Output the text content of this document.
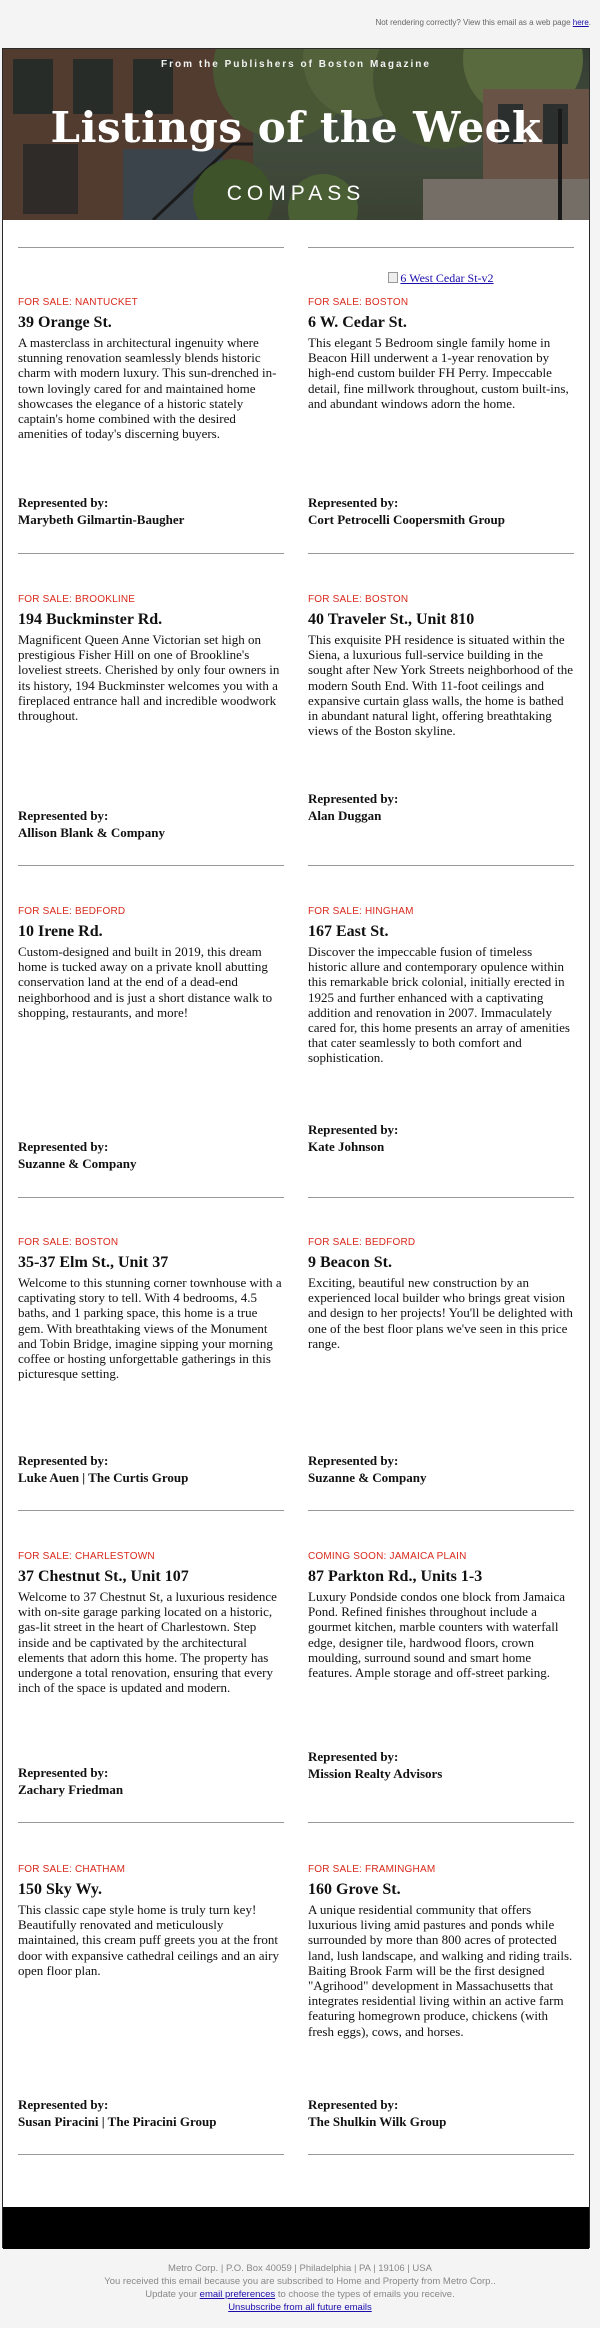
Not rendering correctly? View this email as a web page here.
From the Publishers of Boston Magazine
Listings of the Week
COMPASS
FOR SALE: NANTUCKET
39 Orange St.
A masterclass in architectural ingenuity where stunning renovation seamlessly blends historic charm with modern luxury. This sun-drenched in-town lovingly cared for and maintained home showcases the elegance of a historic stately captain's home combined with the desired amenities of today's discerning buyers.
Represented by:
Marybeth Gilmartin-Baugher
6 West Cedar St-v2
FOR SALE: BOSTON
6 W. Cedar St.
This elegant 5 Bedroom single family home in Beacon Hill underwent a 1-year renovation by high-end custom builder FH Perry. Impeccable detail, fine millwork throughout, custom built-ins, and abundant windows adorn the home.
Represented by:
Cort Petrocelli Coopersmith Group
FOR SALE: BROOKLINE
194 Buckminster Rd.
Magnificent Queen Anne Victorian set high on prestigious Fisher Hill on one of Brookline's loveliest streets. Cherished by only four owners in its history, 194 Buckminster welcomes you with a fireplaced entrance hall and incredible woodwork throughout.
Represented by:
Allison Blank & Company
FOR SALE: BOSTON
40 Traveler St., Unit 810
This exquisite PH residence is situated within the Siena, a luxurious full-service building in the sought after New York Streets neighborhood of the modern South End. With 11-foot ceilings and expansive curtain glass walls, the home is bathed in abundant natural light, offering breathtaking views of the Boston skyline.
Represented by:
Alan Duggan
FOR SALE: BEDFORD
10 Irene Rd.
Custom-designed and built in 2019, this dream home is tucked away on a private knoll abutting conservation land at the end of a dead-end neighborhood and is just a short distance walk to shopping, restaurants, and more!
Represented by:
Suzanne & Company
FOR SALE: HINGHAM
167 East St.
Discover the impeccable fusion of timeless historic allure and contemporary opulence within this remarkable brick colonial, initially erected in 1925 and further enhanced with a captivating addition and renovation in 2007. Immaculately cared for, this home presents an array of amenities that cater seamlessly to both comfort and sophistication.
Represented by:
Kate Johnson
FOR SALE: BOSTON
35-37 Elm St., Unit 37
Welcome to this stunning corner townhouse with a captivating story to tell. With 4 bedrooms, 4.5 baths, and 1 parking space, this home is a true gem. With breathtaking views of the Monument and Tobin Bridge, imagine sipping your morning coffee or hosting unforgettable gatherings in this picturesque setting.
Represented by:
Luke Auen | The Curtis Group
FOR SALE: BEDFORD
9 Beacon St.
Exciting, beautiful new construction by an experienced local builder who brings great vision and design to her projects! You'll be delighted with one of the best floor plans we've seen in this price range.
Represented by:
Suzanne & Company
FOR SALE: CHARLESTOWN
37 Chestnut St., Unit 107
Welcome to 37 Chestnut St, a luxurious residence with on-site garage parking located on a historic, gas-lit street in the heart of Charlestown. Step inside and be captivated by the architectural elements that adorn this home. The property has undergone a total renovation, ensuring that every inch of the space is updated and modern.
Represented by:
Zachary Friedman
COMING SOON: JAMAICA PLAIN
87 Parkton Rd., Units 1-3
Luxury Pondside condos one block from Jamaica Pond. Refined finishes throughout include a gourmet kitchen, marble counters with waterfall edge, designer tile, hardwood floors, crown moulding, surround sound and smart home features. Ample storage and off-street parking.
Represented by:
Mission Realty Advisors
FOR SALE: CHATHAM
150 Sky Wy.
This classic cape style home is truly turn key! Beautifully renovated and meticulously maintained, this cream puff greets you at the front door with expansive cathedral ceilings and an airy open floor plan.
Represented by:
Susan Piracini | The Piracini Group
FOR SALE: FRAMINGHAM
160 Grove St.
A unique residential community that offers luxurious living amid pastures and ponds while surrounded by more than 800 acres of protected land, lush landscape, and walking and riding trails. Baiting Brook Farm will be the first designed "Agrihood" development in Massachusetts that integrates residential living within an active farm featuring homegrown produce, chickens (with fresh eggs), cows, and horses.
Represented by:
The Shulkin Wilk Group
Metro Corp. | P.O. Box 40059 | Philadelphia | PA | 19106 | USA
You received this email because you are subscribed to Home and Property from Metro Corp..
Update your email preferences to choose the types of emails you receive.
Unsubscribe from all future emails
